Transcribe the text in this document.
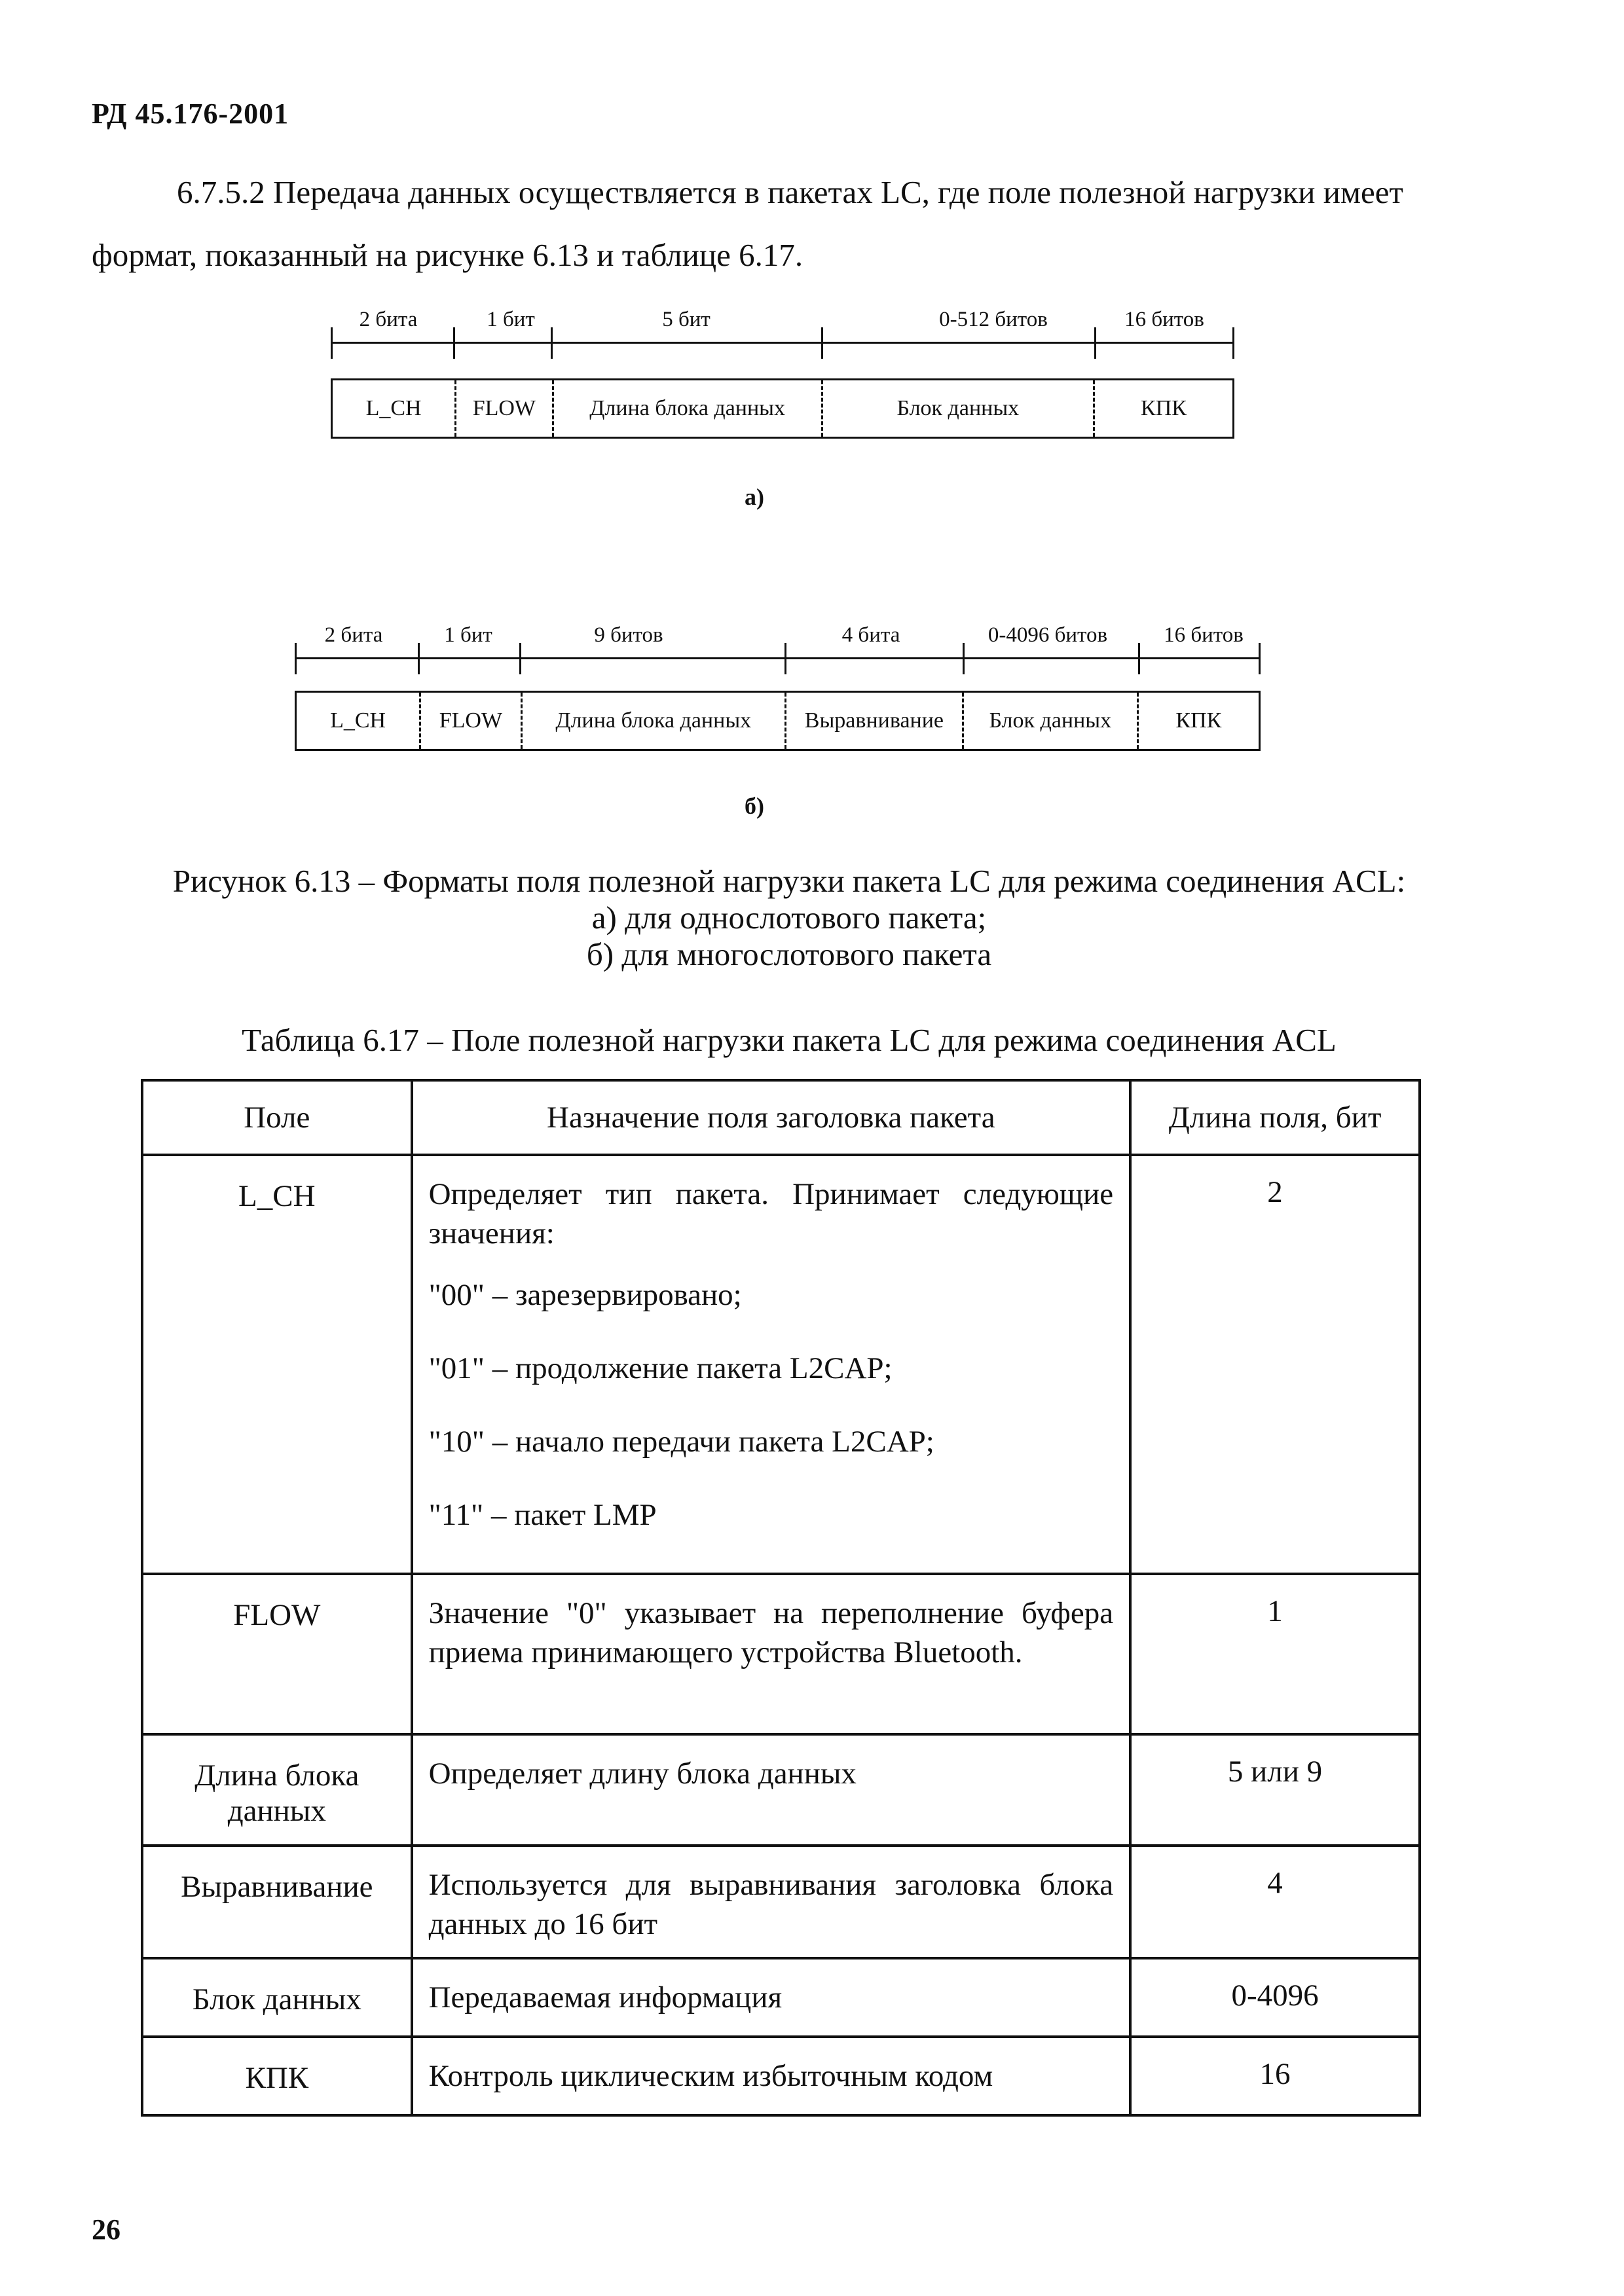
РД 45.176-2001
6.7.5.2 Передача данных осуществляется в пакетах LC, где поле полезной нагрузки имеет формат, показанный на рисунке 6.13 и таблице 6.17.
2 бита	1 бит	5 бит	0-512 битов	16 битов
L_CH	FLOW	Длина блока данных	Блок данных	КПК
а)
2 бита	1 бит	9 битов	4 бита	0-4096 битов	16 битов
L_CH	FLOW	Длина блока данных	Выравнивание	Блок данных	КПК
б)
Рисунок 6.13 – Форматы поля полезной нагрузки пакета LC для режима соединения ACL:
а) для однослотового пакета;
б) для многослотового пакета
Таблица 6.17 – Поле полезной нагрузки пакета LC для режима соединения ACL
Поле	Назначение поля заголовка пакета	Длина поля, бит
L_CH	Определяет тип пакета. Принимает следующие значения:

"00" – зарезервировано;

"01" – продолжение пакета L2CAP;

"10" – начало передачи пакета L2CAP;

"11" – пакет LMP	2
FLOW	Значение "0" указывает на переполнение буфера приема принимающего устройства Bluetooth.	1
Длина блока данных	Определяет длину блока данных	5 или 9
Выравнивание	Используется для выравнивания заголовка блока данных до 16 бит	4
Блок данных	Передаваемая информация	0-4096
КПК	Контроль циклическим избыточным кодом	16
26
